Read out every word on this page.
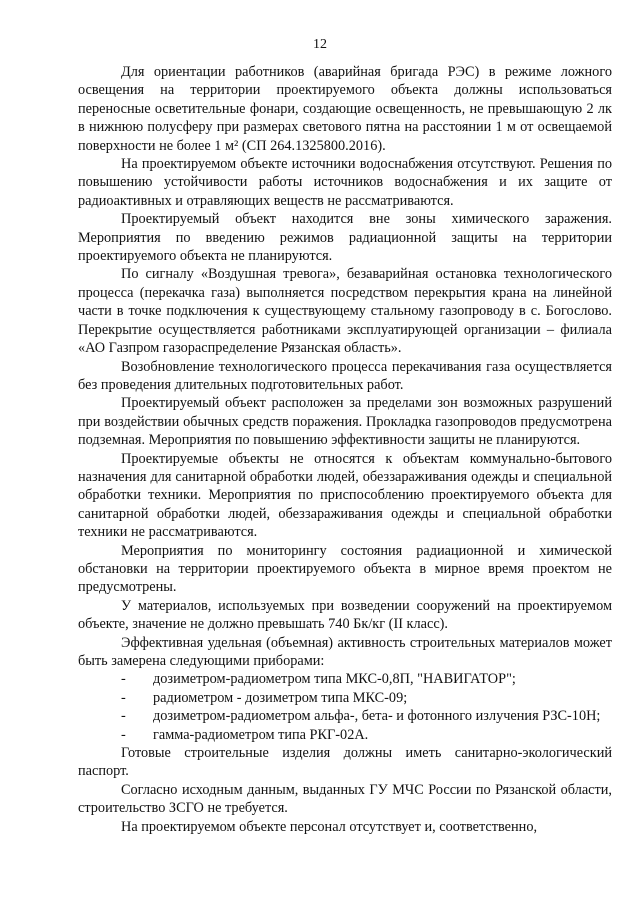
12

Для ориентации работников (аварийная бригада РЭС) в режиме ложного освещения на территории проектируемого объекта должны использоваться переносные осветительные фонари, создающие освещенность, не превышающую 2 лк в нижнюю полусферу при размерах светового пятна на расстоянии 1 м от освещаемой поверхности не более 1 м² (СП 264.1325800.2016).

На проектируемом объекте источники водоснабжения отсутствуют. Решения по повышению устойчивости работы источников водоснабжения и их защите от радиоактивных и отравляющих веществ не рассматриваются.

Проектируемый объект находится вне зоны химического заражения. Мероприятия по введению режимов радиационной защиты на территории проектируемого объекта не планируются.

По сигналу «Воздушная тревога», безаварийная остановка технологического процесса (перекачка газа) выполняется посредством перекрытия крана на линейной части в точке подключения к существующему стальному газопроводу в с. Богослово. Перекрытие осуществляется работниками эксплуатирующей организации – филиала «АО Газпром газораспределение Рязанская область».

Возобновление технологического процесса перекачивания газа осуществляется без проведения длительных подготовительных работ.

Проектируемый объект расположен за пределами зон возможных разрушений при воздействии обычных средств поражения. Прокладка газопроводов предусмотрена подземная. Мероприятия по повышению эффективности защиты не планируются.

Проектируемые объекты не относятся к объектам коммунально-бытового назначения для санитарной обработки людей, обеззараживания одежды и специальной обработки техники. Мероприятия по приспособлению проектируемого объекта для санитарной обработки людей, обеззараживания одежды и специальной обработки техники не рассматриваются.

Мероприятия по мониторингу состояния радиационной и химической обстановки на территории проектируемого объекта в мирное время проектом не предусмотрены.

У материалов, используемых при возведении сооружений на проектируемом объекте, значение не должно превышать 740 Бк/кг (II класс).

Эффективная удельная (объемная) активность строительных материалов может быть замерена следующими приборами:

- дозиметром-радиометром типа МКС-0,8П, "НАВИГАТОР";

- радиометром - дозиметром типа МКС-09;

- дозиметром-радиометром альфа-, бета- и фотонного излучения РЗС-10Н;

- гамма-радиометром типа РКГ-02А.

Готовые строительные изделия должны иметь санитарно-экологический паспорт.

Согласно исходным данным, выданных ГУ МЧС России по Рязанской области, строительство ЗСГО не требуется.

На проектируемом объекте персонал отсутствует и, соответственно,
